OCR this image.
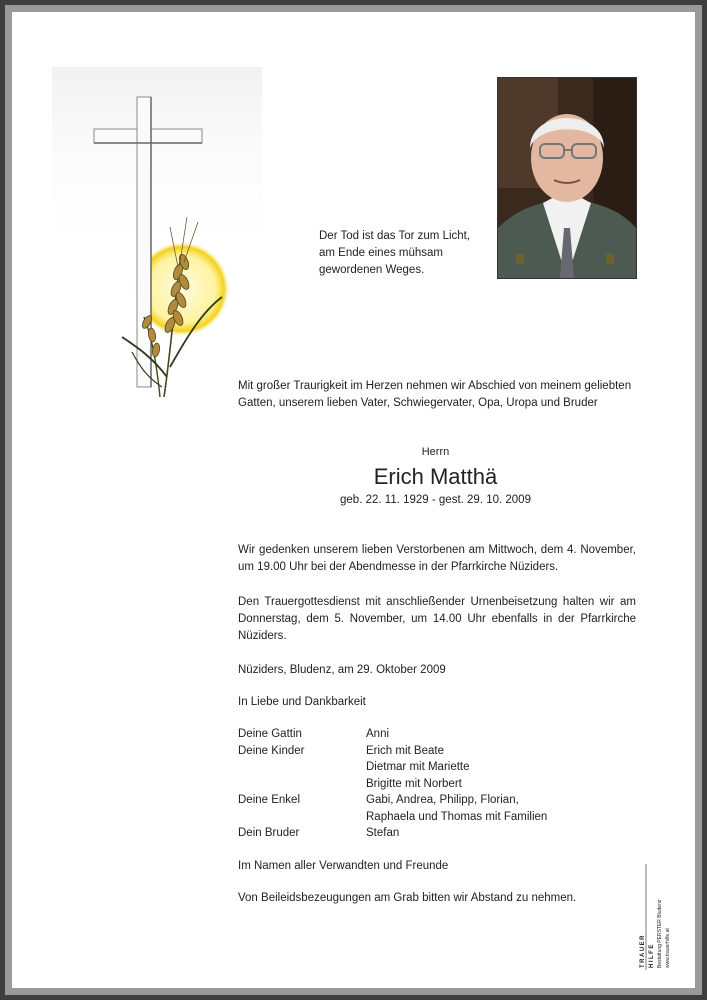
Der Tod ist das Tor zum Licht,
am Ende eines mühsam
gewordenen Weges.
Mit großer Traurigkeit im Herzen nehmen wir Abschied von meinem geliebten
Gatten, unserem lieben Vater, Schwiegervater, Opa, Uropa und Bruder
Herrn
Erich Matthä
geb. 22. 11. 1929 - gest. 29. 10. 2009
Wir gedenken unserem lieben Verstorbenen am Mittwoch, dem 4. November, um 19.00 Uhr bei der Abendmesse in der Pfarrkirche Nüziders.
Den Trauergottesdienst mit anschließender Urnenbeisetzung halten wir am Donnerstag, dem 5. November, um 14.00 Uhr ebenfalls in der Pfarrkirche Nüziders.
Nüziders, Bludenz, am 29. Oktober 2009
In Liebe und Dankbarkeit
Deine Gattin	Anni
Deine Kinder	Erich mit Beate
Dietmar mit Mariette
Brigitte mit Norbert
Deine Enkel	Gabi, Andrea, Philipp, Florian,
Raphaela und Thomas mit Familien
Dein Bruder	Stefan
Im Namen aller Verwandten und Freunde
Von Beileidsbezeugungen am Grab bitten wir Abstand zu nehmen.
TRAUER HILFE Bestattung PERSTER Bludenz www.trauerhilfe.at
